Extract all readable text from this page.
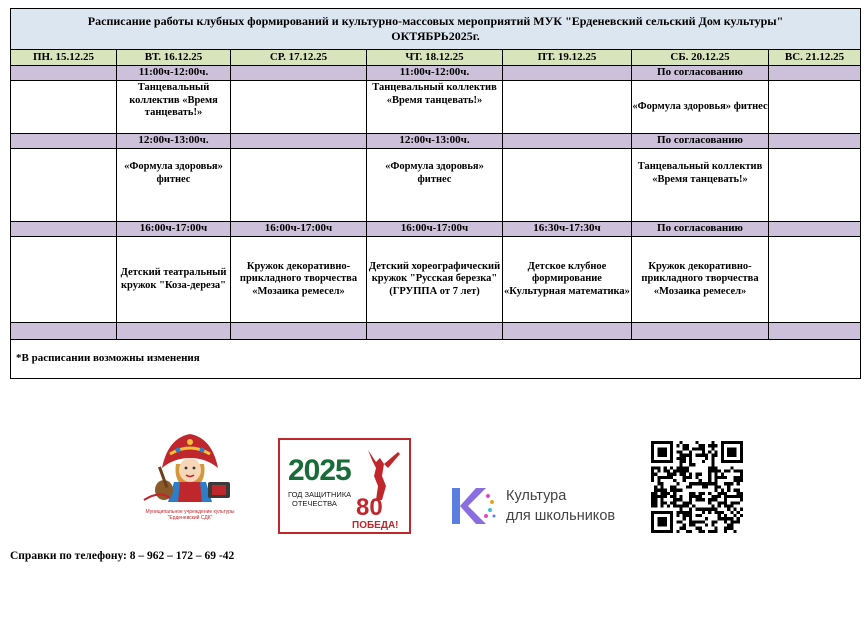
Расписание работы клубных формирований и культурно-массовых мероприятий МУК "Ерденевский сельский Дом культуры"
ОКТЯБРЬ2025г.						

ПН. 15.12.25	ВТ. 16.12.25	СР. 17.12.25	ЧТ. 18.12.25	ПТ. 19.12.25	СБ. 20.12.25	ВС. 21.12.25
	11:00ч-12:00ч.		11:00ч-12:00ч.		По согласованию	
	Танцевальный коллектив «Время танцевать!»		Танцевальный коллектив «Время танцевать!»		«Формула здоровья» фитнес	
	12:00ч-13:00ч.		12:00ч-13:00ч.		По согласованию	
	«Формула здоровья» фитнес		«Формула здоровья» фитнес		Танцевальный коллектив «Время танцевать!»	
	16:00ч-17:00ч	16:00ч-17:00ч	16:00ч-17:00ч	16:30ч-17:30ч	По согласованию	
	Детский театральный кружок "Коза-дереза"	Кружок декоративно-прикладного творчества «Мозаика ремесел»	Детский хореографический кружок "Русская березка" (ГРУППА от 7 лет)	Детское клубное формирование «Культурная математика»	Кружок декоративно-прикладного творчества «Мозаика ремесел»	

*В расписании возможны изменения						
Муниципальное учреждение культуры
"Ерденевский СДК"
2025
ГОД ЗАЩИТНИКА
ОТЕЧЕСТВА 80
ПОБЕДА!
Культура
для школьников
Справки по телефону: 8 – 962 – 172 – 69 -42
